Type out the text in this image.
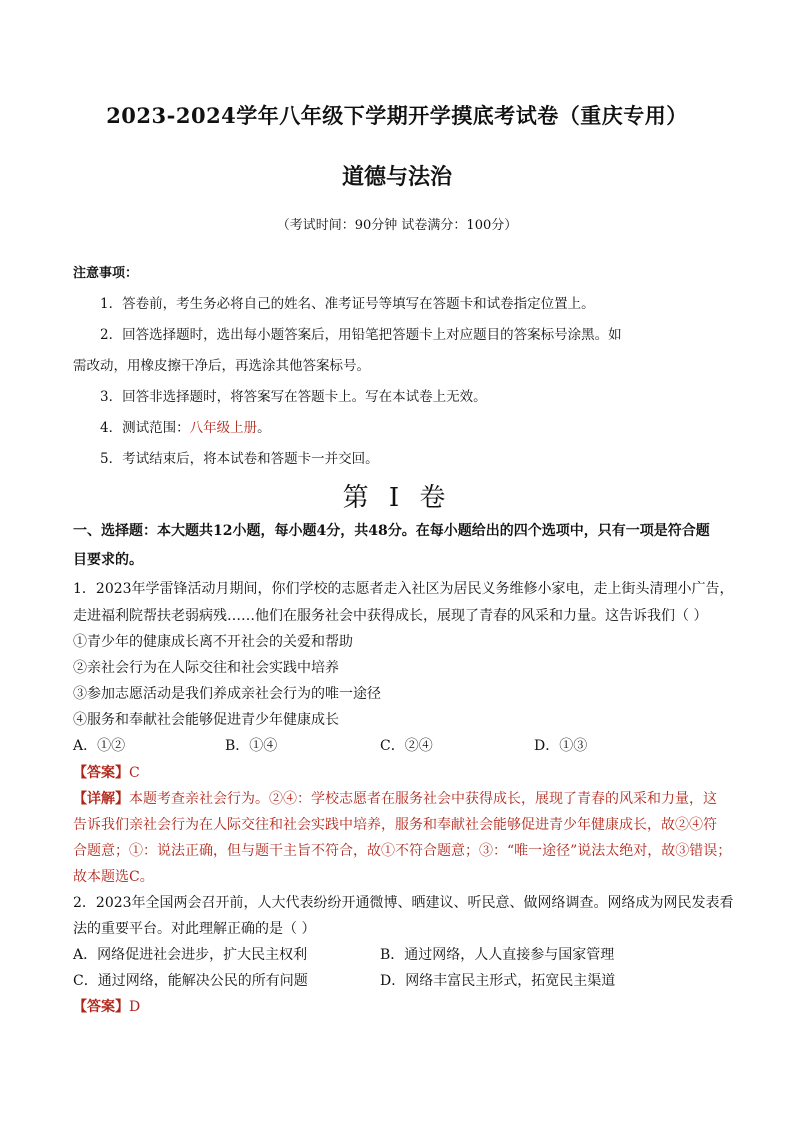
2023-2024学年八年级下学期开学摸底考试卷（重庆专用）
道德与法治
（考试时间：90分钟 试卷满分：100分）
注意事项：
1．答卷前，考生务必将自己的姓名、准考证号等填写在答题卡和试卷指定位置上。
2．回答选择题时，选出每小题答案后，用铅笔把答题卡上对应题目的答案标号涂黑。如
需改动，用橡皮擦干净后，再选涂其他答案标号。
3．回答非选择题时，将答案写在答题卡上。写在本试卷上无效。
4．测试范围：八年级上册。
5．考试结束后，将本试卷和答题卡一并交回。
第 I 卷
一、选择题：本大题共12小题，每小题4分，共48分。在每小题给出的四个选项中，只有一项是符合题
目要求的。
1．2023年学雷锋活动月期间，你们学校的志愿者走入社区为居民义务维修小家电，走上街头清理小广告，
走进福利院帮扶老弱病残……他们在服务社会中获得成长，展现了青春的风采和力量。这告诉我们（ ）
①青少年的健康成长离不开社会的关爱和帮助
②亲社会行为在人际交往和社会实践中培养
③参加志愿活动是我们养成亲社会行为的唯一途径
④服务和奉献社会能够促进青少年健康成长
A．①②	B．①④	C．②④	D．①③
【答案】C
【详解】本题考查亲社会行为。②④：学校志愿者在服务社会中获得成长，展现了青春的风采和力量，这
告诉我们亲社会行为在人际交往和社会实践中培养，服务和奉献社会能够促进青少年健康成长，故②④符
合题意；①：说法正确，但与题干主旨不符合，故①不符合题意；③：“唯一途径”说法太绝对，故③错误；
故本题选C。
2．2023年全国两会召开前，人大代表纷纷开通微博、晒建议、听民意、做网络调查。网络成为网民发表看
法的重要平台。对此理解正确的是（ ）
A．网络促进社会进步，扩大民主权利	B．通过网络，人人直接参与国家管理
C．通过网络，能解决公民的所有问题	D．网络丰富民主形式，拓宽民主渠道
【答案】D
